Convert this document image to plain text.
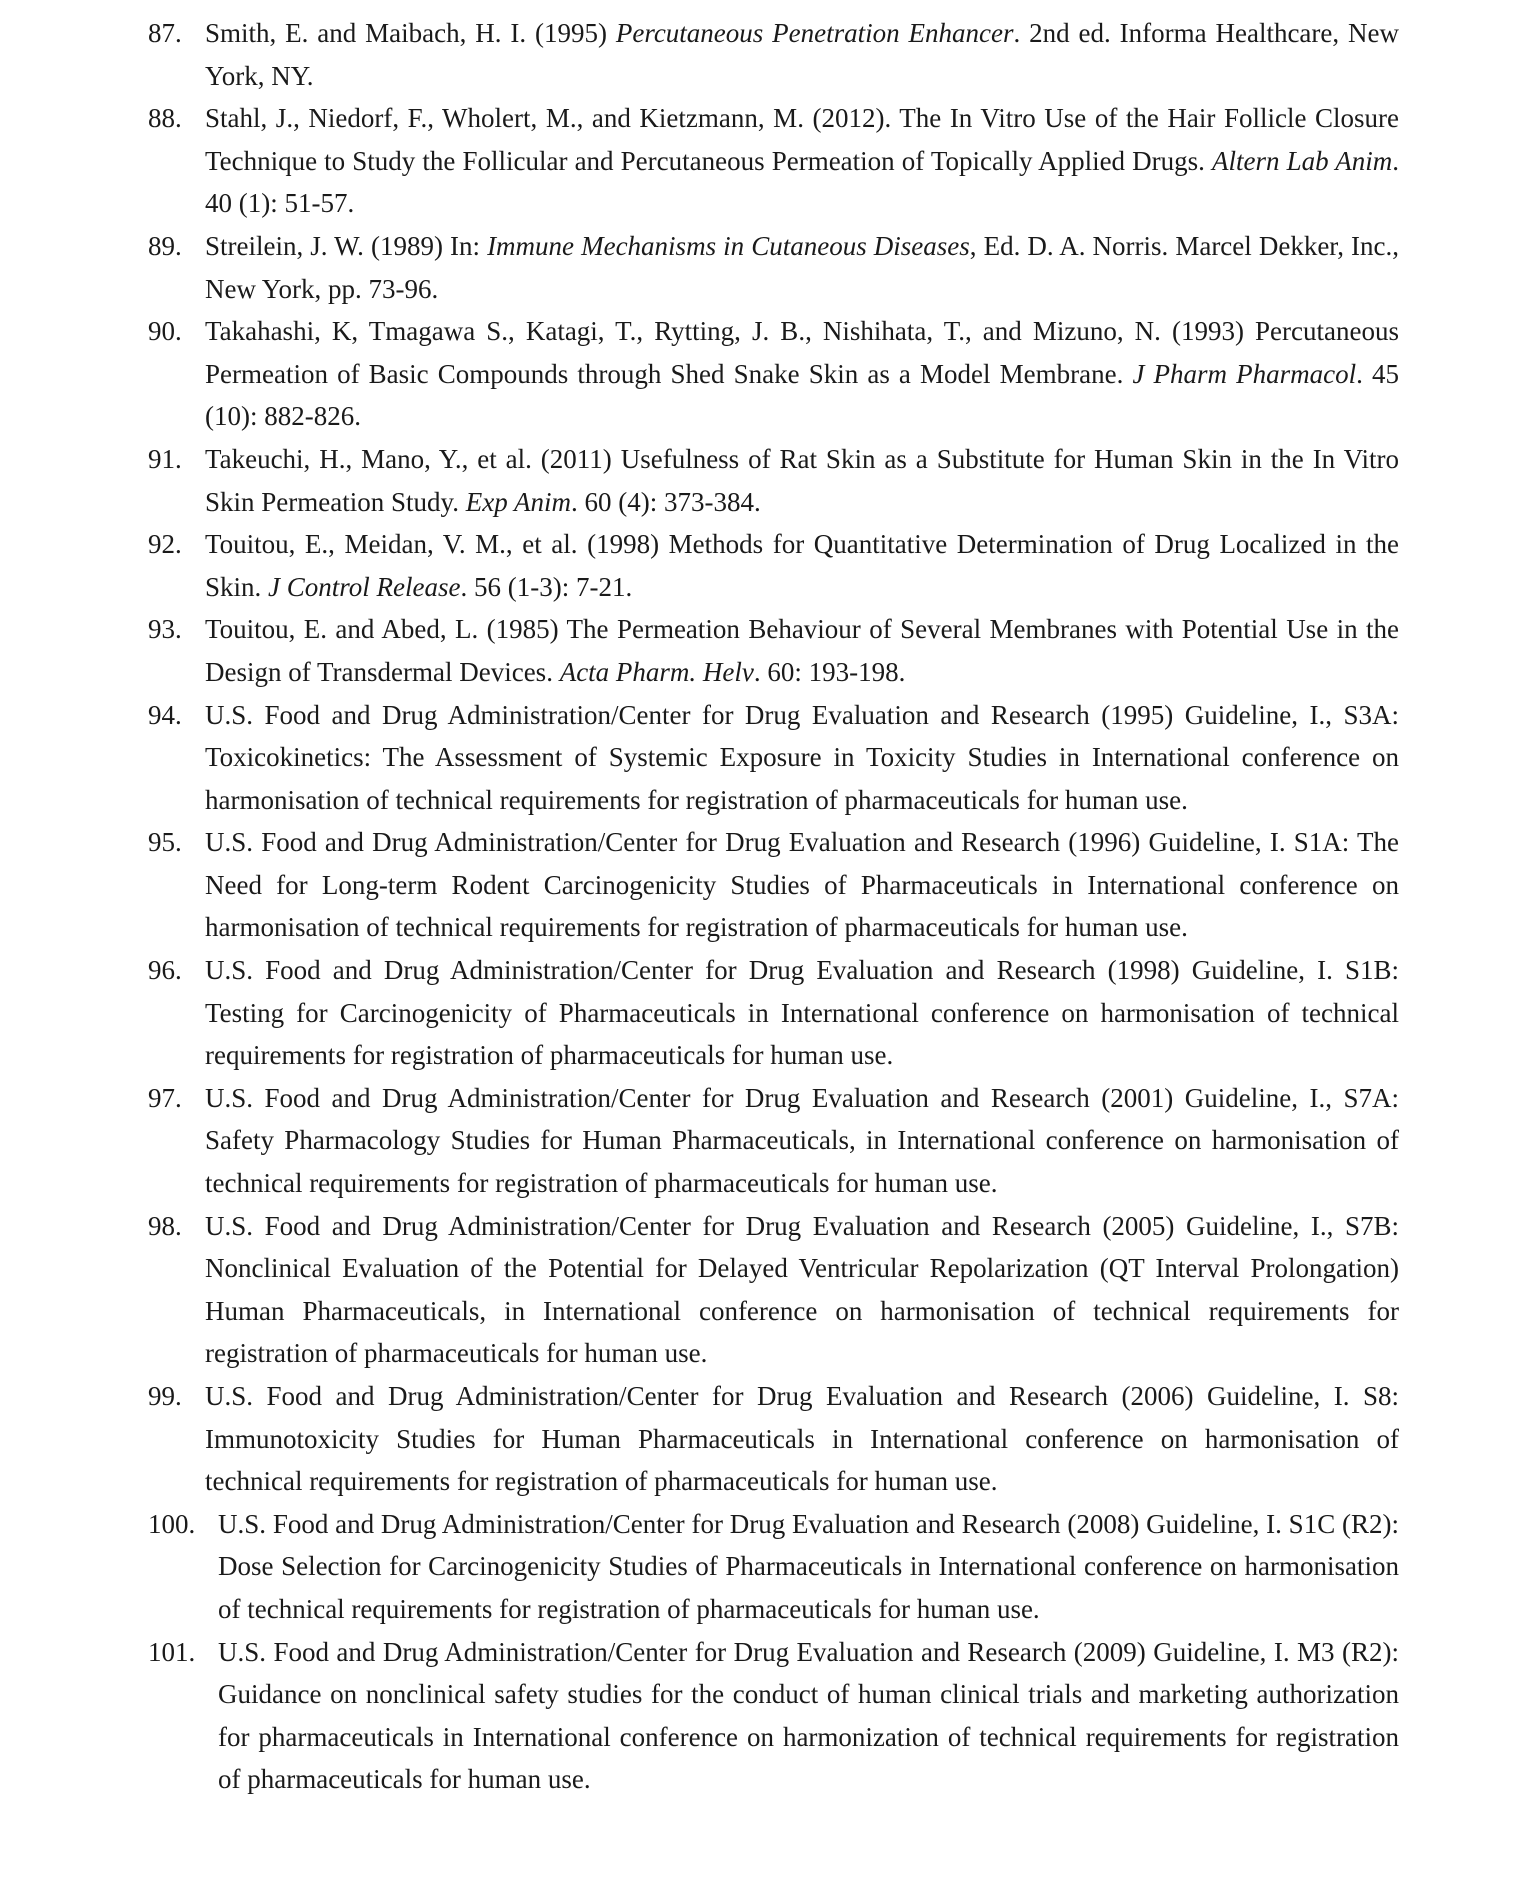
87. Smith, E. and Maibach, H. I. (1995) Percutaneous Penetration Enhancer. 2nd ed. Informa Healthcare, New York, NY.
88. Stahl, J., Niedorf, F., Wholert, M., and Kietzmann, M. (2012). The In Vitro Use of the Hair Follicle Closure Technique to Study the Follicular and Percutaneous Permeation of Topically Applied Drugs. Altern Lab Anim. 40 (1): 51-57.
89. Streilein, J. W. (1989) In: Immune Mechanisms in Cutaneous Diseases, Ed. D. A. Norris. Marcel Dekker, Inc., New York, pp. 73-96.
90. Takahashi, K, Tmagawa S., Katagi, T., Rytting, J. B., Nishihata, T., and Mizuno, N. (1993) Percutaneous Permeation of Basic Compounds through Shed Snake Skin as a Model Membrane. J Pharm Pharmacol. 45 (10): 882-826.
91. Takeuchi, H., Mano, Y., et al. (2011) Usefulness of Rat Skin as a Substitute for Human Skin in the In Vitro Skin Permeation Study. Exp Anim. 60 (4): 373-384.
92. Touitou, E., Meidan, V. M., et al. (1998) Methods for Quantitative Determination of Drug Localized in the Skin. J Control Release. 56 (1-3): 7-21.
93. Touitou, E. and Abed, L. (1985) The Permeation Behaviour of Several Membranes with Potential Use in the Design of Transdermal Devices. Acta Pharm. Helv. 60: 193-198.
94. U.S. Food and Drug Administration/Center for Drug Evaluation and Research (1995) Guideline, I., S3A: Toxicokinetics: The Assessment of Systemic Exposure in Toxicity Studies in International conference on harmonisation of technical requirements for registration of pharmaceuticals for human use.
95. U.S. Food and Drug Administration/Center for Drug Evaluation and Research (1996) Guideline, I. S1A: The Need for Long-term Rodent Carcinogenicity Studies of Pharmaceuticals in International conference on harmonisation of technical requirements for registration of pharmaceuticals for human use.
96. U.S. Food and Drug Administration/Center for Drug Evaluation and Research (1998) Guideline, I. S1B: Testing for Carcinogenicity of Pharmaceuticals in International conference on harmonisation of technical requirements for registration of pharmaceuticals for human use.
97. U.S. Food and Drug Administration/Center for Drug Evaluation and Research (2001) Guideline, I., S7A: Safety Pharmacology Studies for Human Pharmaceuticals, in International conference on harmonisation of technical requirements for registration of pharmaceuticals for human use.
98. U.S. Food and Drug Administration/Center for Drug Evaluation and Research (2005) Guideline, I., S7B: Nonclinical Evaluation of the Potential for Delayed Ventricular Repolarization (QT Interval Prolongation) Human Pharmaceuticals, in International conference on harmonisation of technical requirements for registration of pharmaceuticals for human use.
99. U.S. Food and Drug Administration/Center for Drug Evaluation and Research (2006) Guideline, I. S8: Immunotoxicity Studies for Human Pharmaceuticals in International conference on harmonisation of technical requirements for registration of pharmaceuticals for human use.
100. U.S. Food and Drug Administration/Center for Drug Evaluation and Research (2008) Guideline, I. S1C (R2): Dose Selection for Carcinogenicity Studies of Pharmaceuticals in International conference on harmonisation of technical requirements for registration of pharmaceuticals for human use.
101. U.S. Food and Drug Administration/Center for Drug Evaluation and Research (2009) Guideline, I. M3 (R2): Guidance on nonclinical safety studies for the conduct of human clinical trials and marketing authorization for pharmaceuticals in International conference on harmonization of technical requirements for registration of pharmaceuticals for human use.
